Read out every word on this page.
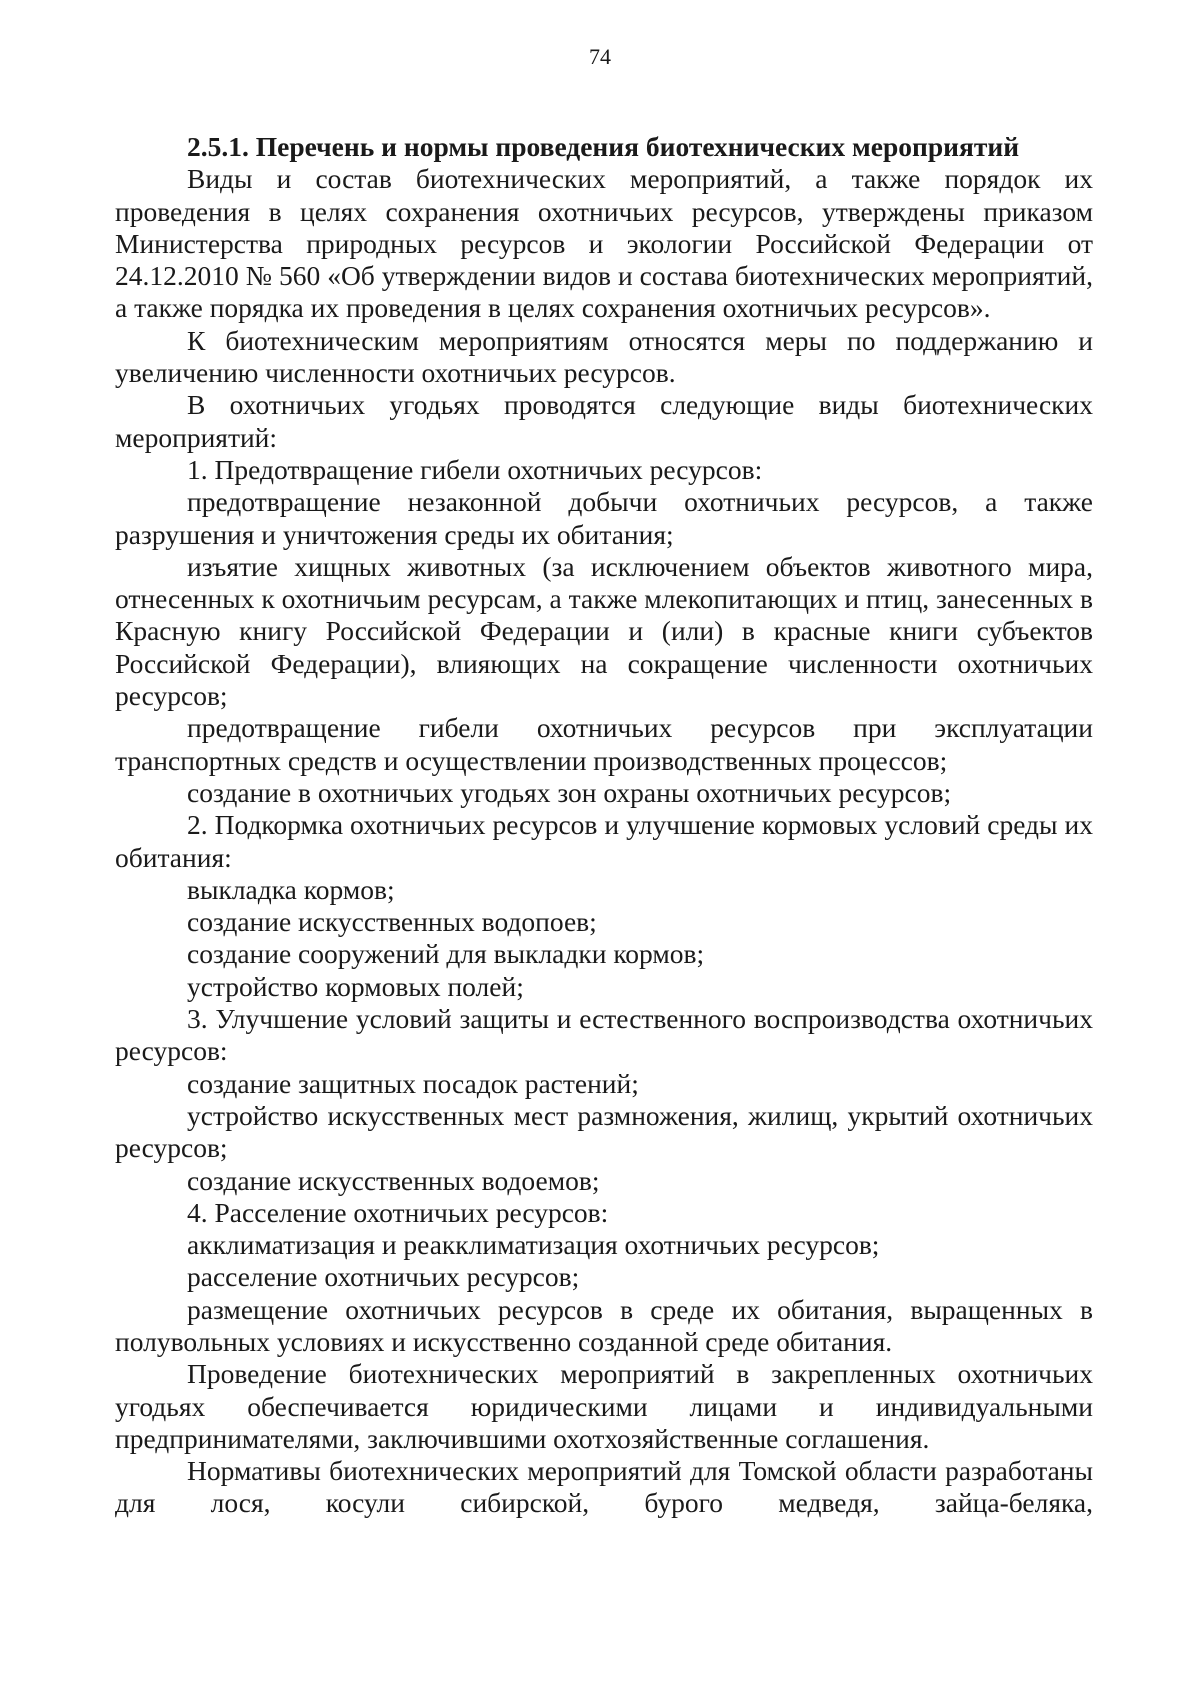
74

2.5.1. Перечень и нормы проведения биотехнических мероприятий

Виды и состав биотехнических мероприятий, а также порядок их проведения в целях сохранения охотничьих ресурсов, утверждены приказом Министерства природных ресурсов и экологии Российской Федерации от 24.12.2010 № 560 «Об утверждении видов и состава биотехнических мероприятий, а также порядка их проведения в целях сохранения охотничьих ресурсов».

К биотехническим мероприятиям относятся меры по поддержанию и увеличению численности охотничьих ресурсов.

В охотничьих угодьях проводятся следующие виды биотехнических мероприятий:

1. Предотвращение гибели охотничьих ресурсов:

предотвращение незаконной добычи охотничьих ресурсов, а также разрушения и уничтожения среды их обитания;

изъятие хищных животных (за исключением объектов животного мира, отнесенных к охотничьим ресурсам, а также млекопитающих и птиц, занесенных в Красную книгу Российской Федерации и (или) в красные книги субъектов Российской Федерации), влияющих на сокращение численности охотничьих ресурсов;

предотвращение гибели охотничьих ресурсов при эксплуатации транспортных средств и осуществлении производственных процессов;

создание в охотничьих угодьях зон охраны охотничьих ресурсов;

2. Подкормка охотничьих ресурсов и улучшение кормовых условий среды их обитания:

выкладка кормов;

создание искусственных водопоев;

создание сооружений для выкладки кормов;

устройство кормовых полей;

3. Улучшение условий защиты и естественного воспроизводства охотничьих ресурсов:

создание защитных посадок растений;

устройство искусственных мест размножения, жилищ, укрытий охотничьих ресурсов;

создание искусственных водоемов;

4. Расселение охотничьих ресурсов:

акклиматизация и реакклиматизация охотничьих ресурсов;

расселение охотничьих ресурсов;

размещение охотничьих ресурсов в среде их обитания, выращенных в полувольных условиях и искусственно созданной среде обитания.

Проведение биотехнических мероприятий в закрепленных охотничьих угодьях обеспечивается юридическими лицами и индивидуальными предпринимателями, заключившими охотхозяйственные соглашения.

Нормативы биотехнических мероприятий для Томской области разработаны для лося, косули сибирской, бурого медведя, зайца-беляка,
